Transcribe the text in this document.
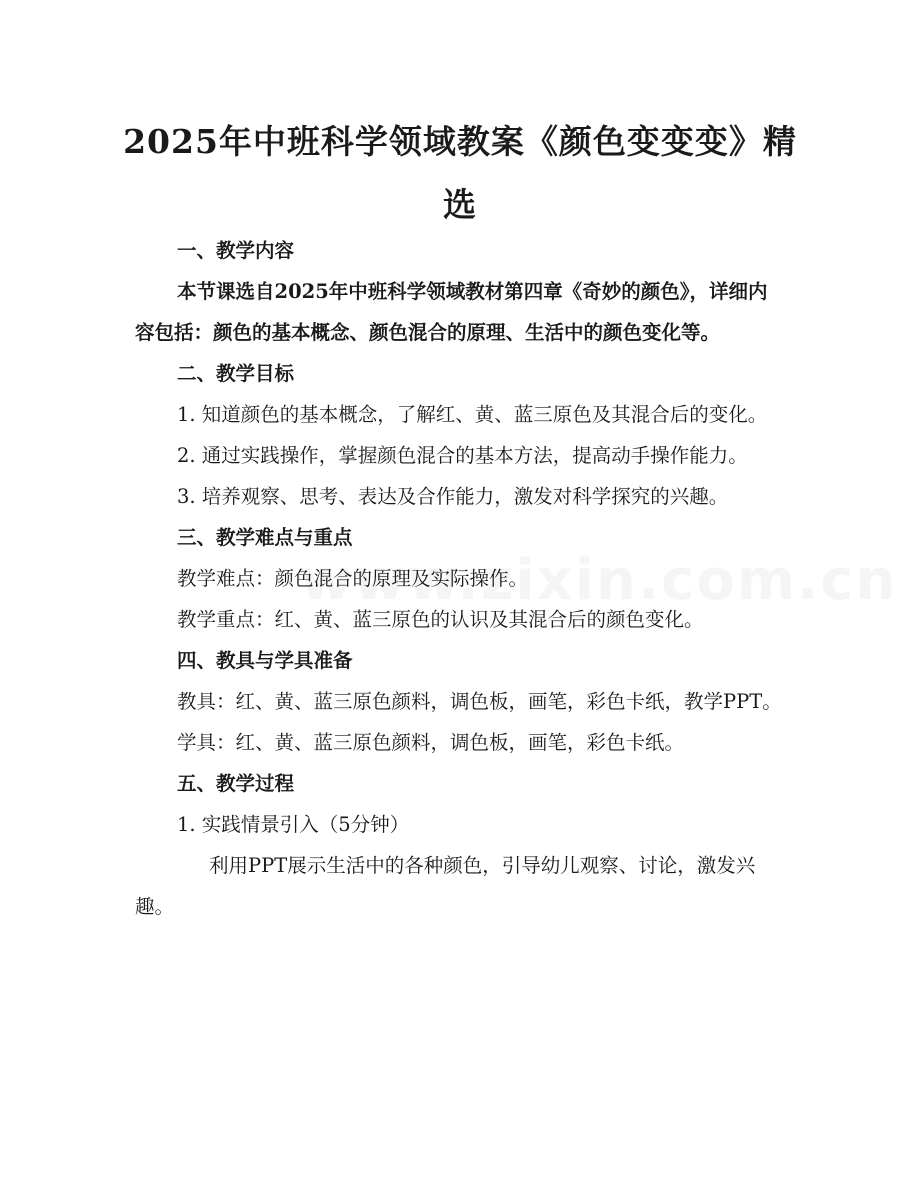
2025年中班科学领域教案《颜色变变变》精选

一、教学内容

本节课选自2025年中班科学领域教材第四章《奇妙的颜色》，详细内容包括：颜色的基本概念、颜色混合的原理、生活中的颜色变化等。

二、教学目标

1. 知道颜色的基本概念，了解红、黄、蓝三原色及其混合后的变化。

2. 通过实践操作，掌握颜色混合的基本方法，提高动手操作能力。

3. 培养观察、思考、表达及合作能力，激发对科学探究的兴趣。

三、教学难点与重点

教学难点：颜色混合的原理及实际操作。

教学重点：红、黄、蓝三原色的认识及其混合后的颜色变化。

四、教具与学具准备

教具：红、黄、蓝三原色颜料，调色板，画笔，彩色卡纸，教学PPT。

学具：红、黄、蓝三原色颜料，调色板，画笔，彩色卡纸。

五、教学过程

1. 实践情景引入（5分钟）

利用PPT展示生活中的各种颜色，引导幼儿观察、讨论，激发兴趣。
